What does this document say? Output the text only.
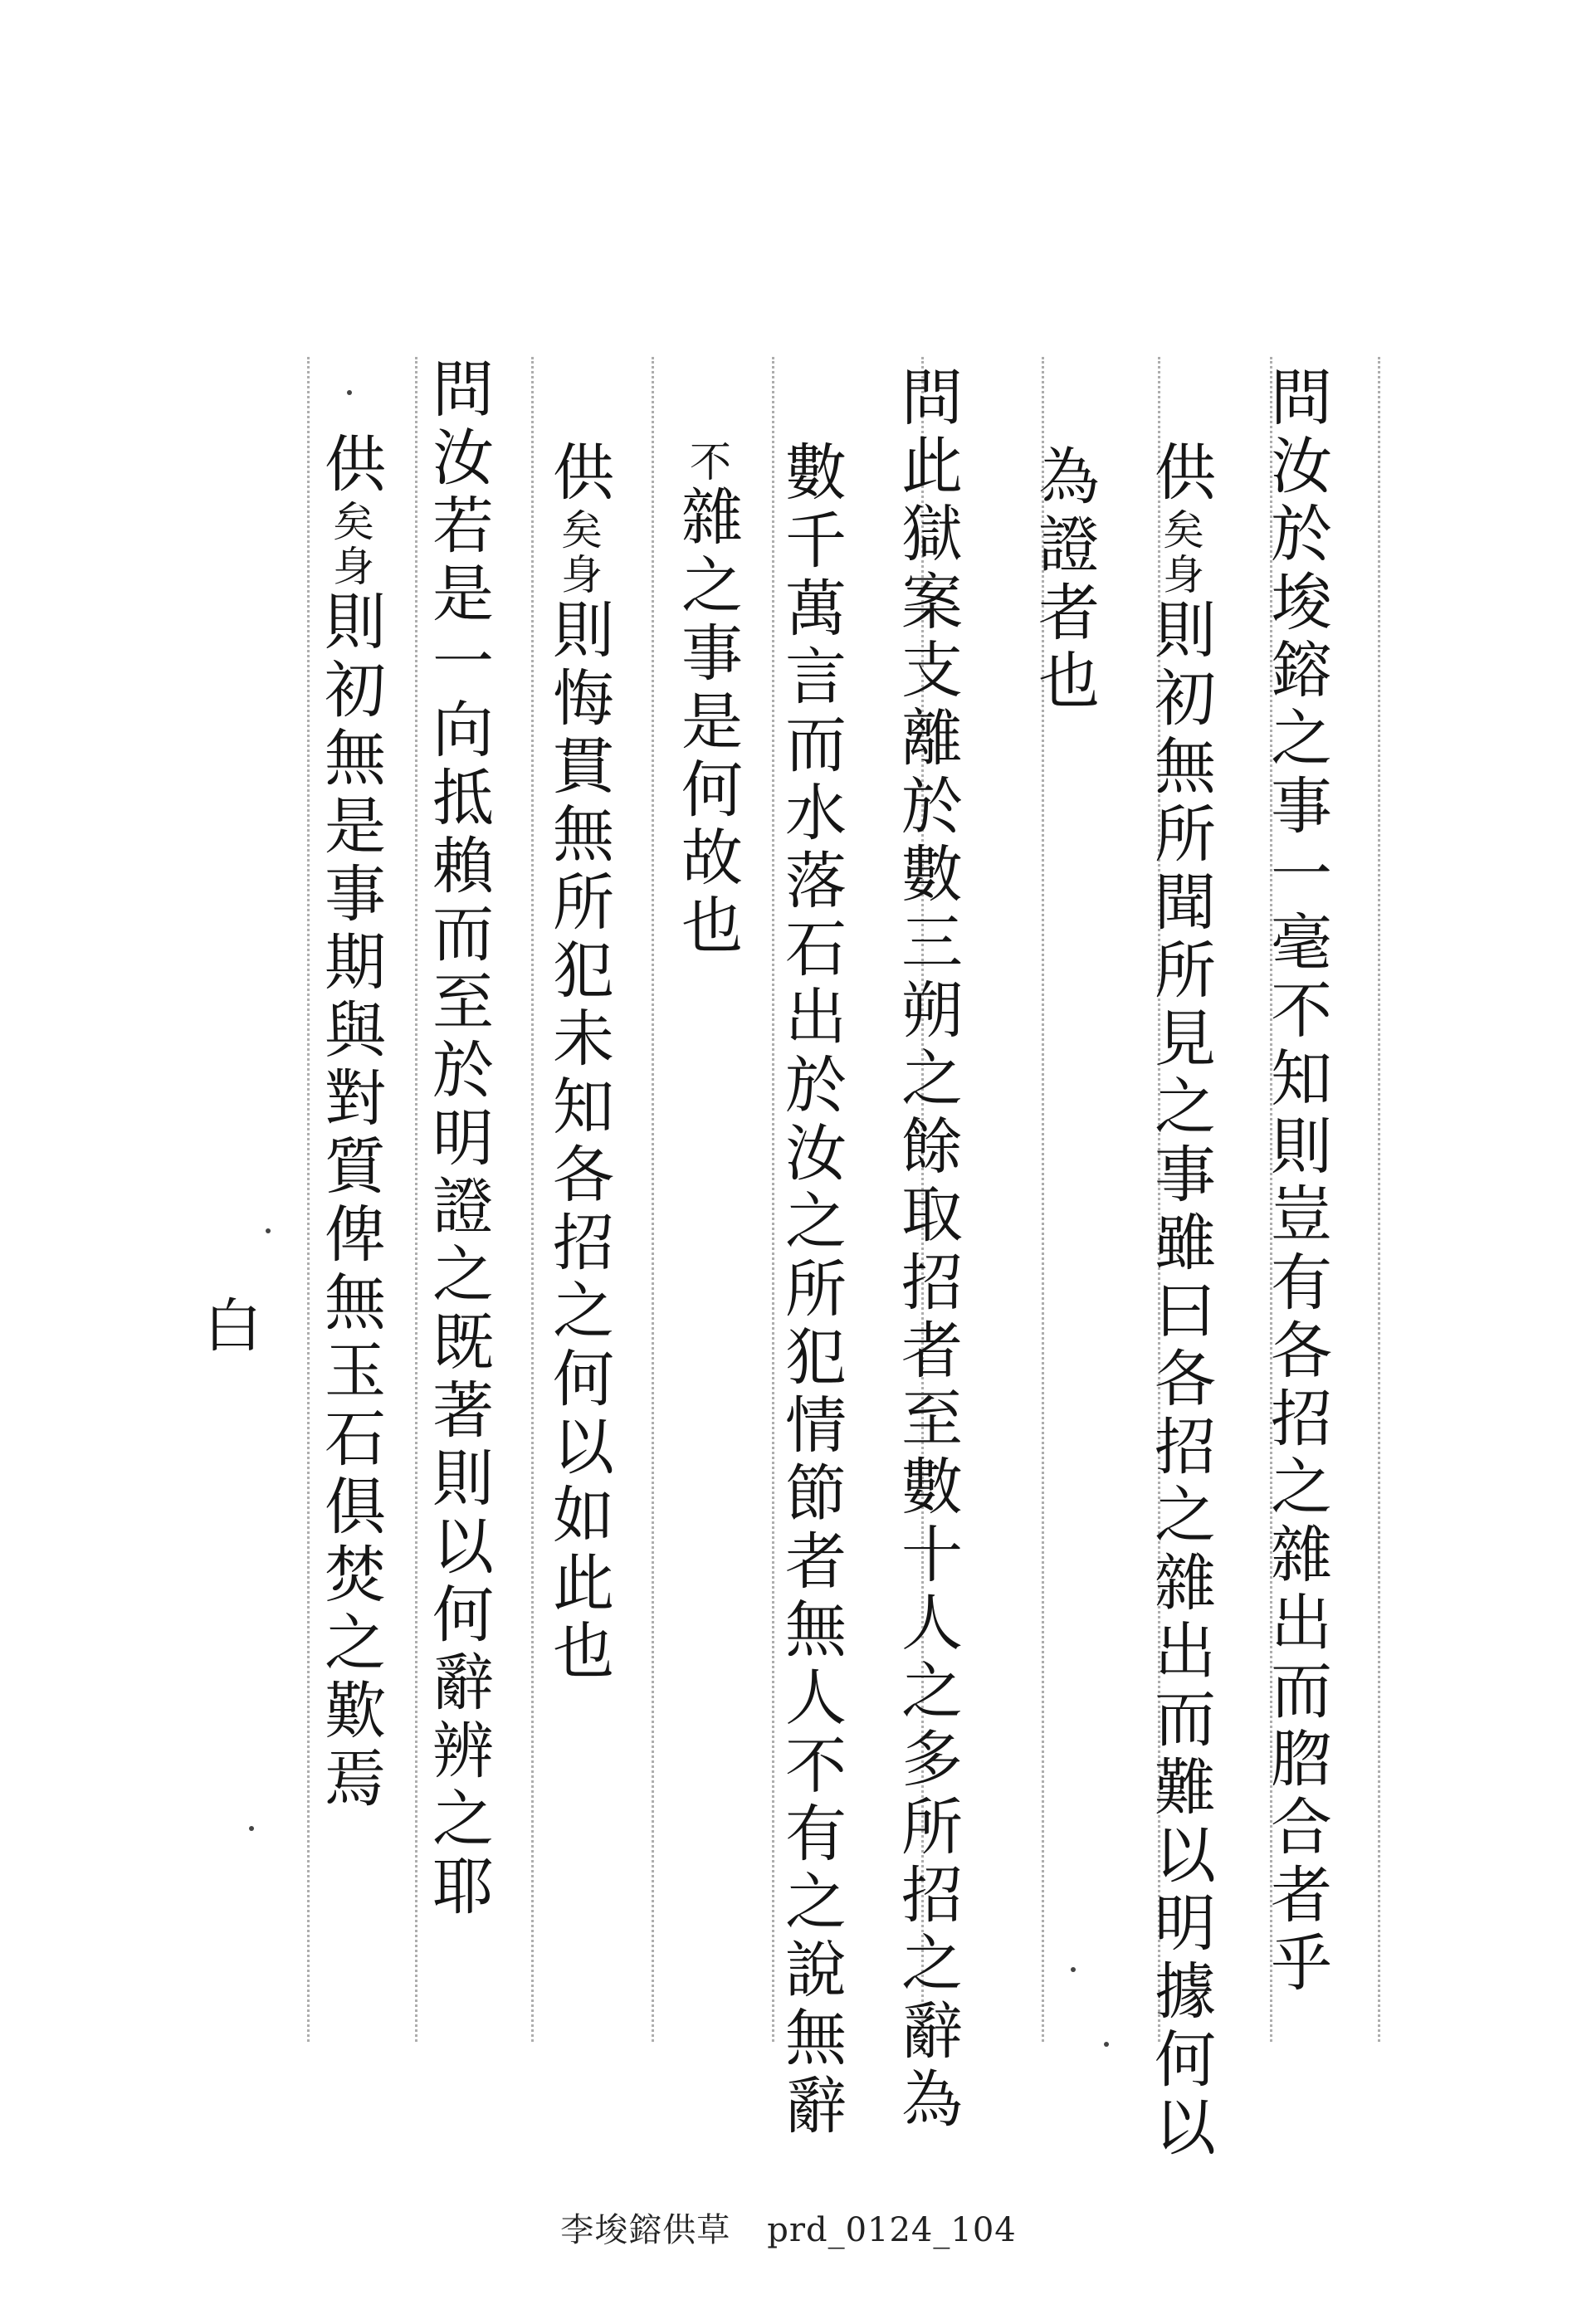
問汝於埈鎔之事一毫不知則豈有各招之雜出而脗合者乎
供矣身則初無所聞所見之事雖曰各招之雜出而難以明據何以
為證者也
問此獄案支離於數三朔之餘取招者至數十人之多所招之辭為
數千萬言而水落石出於汝之所犯情節者無人不有之說無辭
不雜之事是何故也
供矣身則悔貫無所犯未知各招之何以如此也
問汝若是一向抵賴而至於明證之既著則以何辭辨之耶
供矣身則初無是事期與對質俾無玉石俱焚之歎焉
白
李埈鎔供草 prd_0124_104
